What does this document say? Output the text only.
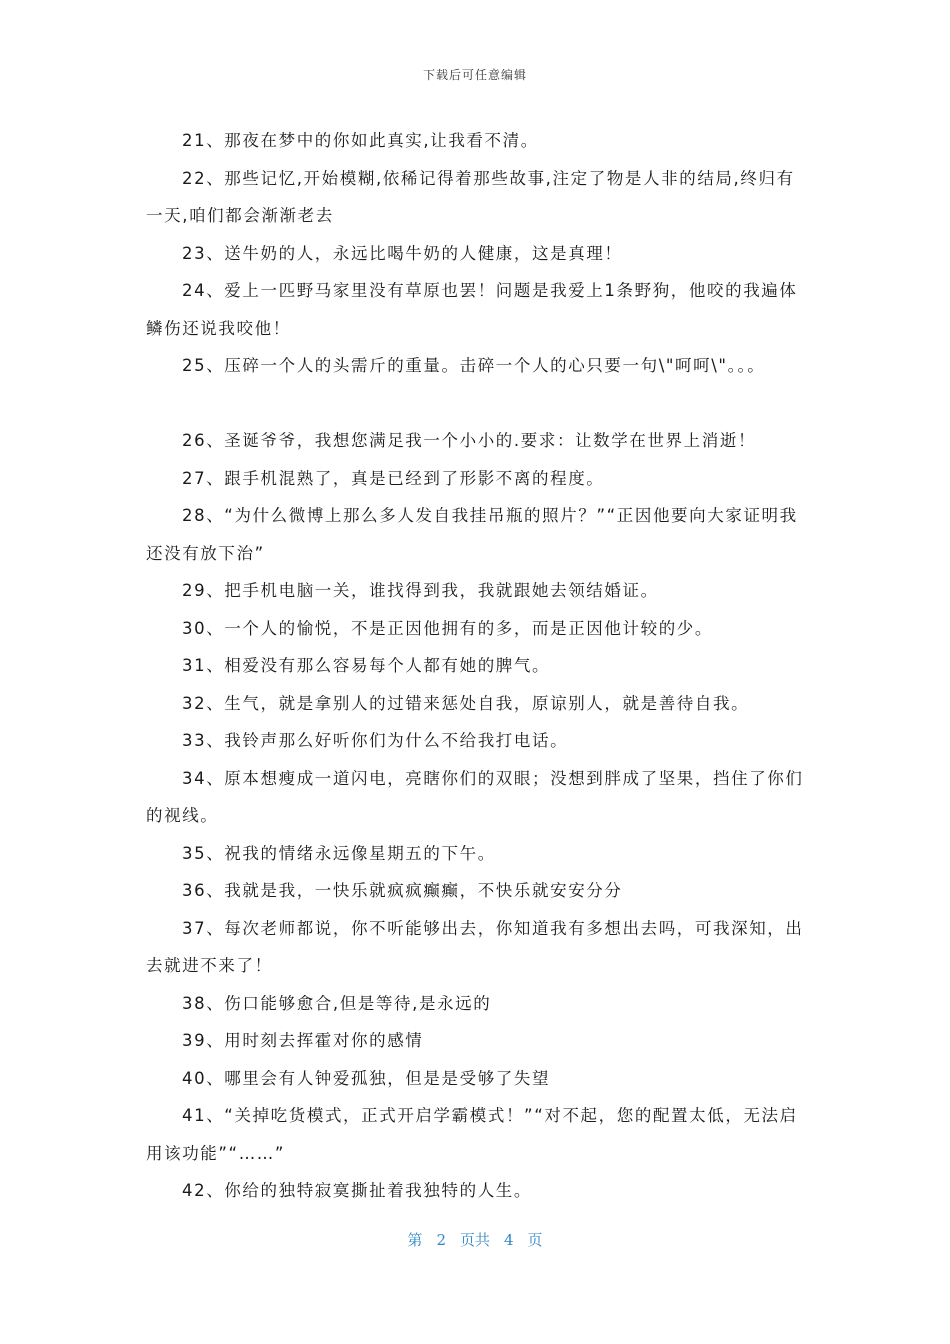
下载后可任意编辑

21、那夜在梦中的你如此真实,让我看不清。

22、那些记忆,开始模糊,依稀记得着那些故事,注定了物是人非的结局,终归有一天,咱们都会渐渐老去

23、送牛奶的人，永远比喝牛奶的人健康，这是真理！

24、爱上一匹野马家里没有草原也罢！问题是我爱上1条野狗，他咬的我遍体鳞伤还说我咬他！

25、压碎一个人的头需斤的重量。击碎一个人的心只要一句\"呵呵\"。。。

26、圣诞爷爷，我想您满足我一个小小的.要求：让数学在世界上消逝！

27、跟手机混熟了，真是已经到了形影不离的程度。

28、“为什么微博上那么多人发自我挂吊瓶的照片？”“正因他要向大家证明我还没有放下治”

29、把手机电脑一关，谁找得到我，我就跟她去领结婚证。

30、一个人的愉悦，不是正因他拥有的多，而是正因他计较的少。

31、相爱没有那么容易每个人都有她的脾气。

32、生气，就是拿别人的过错来惩处自我，原谅别人，就是善待自我。

33、我铃声那么好听你们为什么不给我打电话。

34、原本想瘦成一道闪电，亮瞎你们的双眼；没想到胖成了坚果，挡住了你们的视线。

35、祝我的情绪永远像星期五的下午。

36、我就是我，一快乐就疯疯癫癫，不快乐就安安分分

37、每次老师都说，你不听能够出去，你知道我有多想出去吗，可我深知，出去就进不来了！

38、伤口能够愈合,但是等待,是永远的

39、用时刻去挥霍对你的感情

40、哪里会有人钟爱孤独，但是是受够了失望

41、“关掉吃货模式，正式开启学霸模式！”“对不起，您的配置太低，无法启用该功能”“……”

42、你给的独特寂寞撕扯着我独特的人生。

第 2 页共 4 页
